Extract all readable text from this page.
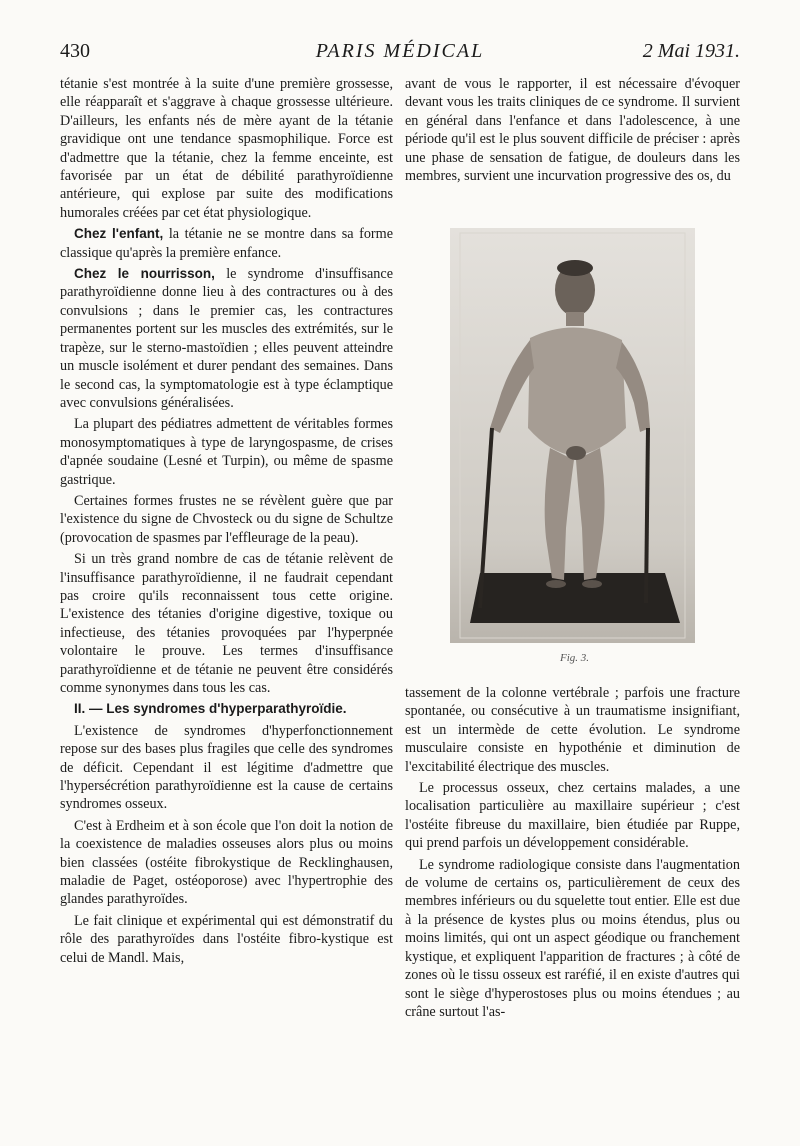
430	PARIS MÉDICAL	2 Mai 1931.

tétanie s'est montrée à la suite d'une première grossesse, elle réapparaît et s'aggrave à chaque grossesse ultérieure. D'ailleurs, les enfants nés de mère ayant de la tétanie gravidique ont une tendance spasmophilique. Force est d'admettre que la tétanie, chez la femme enceinte, est favorisée par un état de débilité parathyroïdienne antérieure, qui explose par suite des modifications humorales créées par cet état physiologique.

Chez l'enfant, la tétanie ne se montre dans sa forme classique qu'après la première enfance.

Chez le nourrisson, le syndrome d'insuffisance parathyroïdienne donne lieu à des contractures ou à des convulsions ; dans le premier cas, les contractures permanentes portent sur les muscles des extrémités, sur le trapèze, sur le sterno-mastoïdien ; elles peuvent atteindre un muscle isolément et durer pendant des semaines. Dans le second cas, la symptomatologie est à type éclamptique avec convulsions généralisées.

La plupart des pédiatres admettent de véritables formes monosymptomatiques à type de laryngospasme, de crises d'apnée soudaine (Lesné et Turpin), ou même de spasme gastrique.

Certaines formes frustes ne se révèlent guère que par l'existence du signe de Chvosteck ou du signe de Schultze (provocation de spasmes par l'effleurage de la peau).

Si un très grand nombre de cas de tétanie relèvent de l'insuffisance parathyroïdienne, il ne faudrait cependant pas croire qu'ils reconnaissent tous cette origine. L'existence des tétanies d'origine digestive, toxique ou infectieuse, des tétanies provoquées par l'hyperpnée volontaire le prouve. Les termes d'insuffisance parathyroïdienne et de tétanie ne peuvent être considérés comme synonymes dans tous les cas.

II. — Les syndromes d'hyperparathyroïdie.

L'existence de syndromes d'hyperfonctionnement repose sur des bases plus fragiles que celle des syndromes de déficit. Cependant il est légitime d'admettre que l'hypersécrétion parathyroïdienne est la cause de certains syndromes osseux.

C'est à Erdheim et à son école que l'on doit la notion de la coexistence de maladies osseuses alors plus ou moins bien classées (ostéite fibrokystique de Recklinghausen, maladie de Paget, ostéoporose) avec l'hypertrophie des glandes parathyroïdes.

Le fait clinique et expérimental qui est démonstratif du rôle des parathyroïdes dans l'ostéite fibro-kystique est celui de Mandl. Mais,

avant de vous le rapporter, il est nécessaire d'évoquer devant vous les traits cliniques de ce syndrome. Il survient en général dans l'enfance et dans l'adolescence, à une période qu'il est le plus souvent difficile de préciser : après une phase de sensation de fatigue, de douleurs dans les membres, survient une incurvation progressive des os, du

Fig. 3.

tassement de la colonne vertébrale ; parfois une fracture spontanée, ou consécutive à un traumatisme insignifiant, est un intermède de cette évolution. Le syndrome musculaire consiste en hypothénie et diminution de l'excitabilité électrique des muscles.

Le processus osseux, chez certains malades, a une localisation particulière au maxillaire supérieur ; c'est l'ostéite fibreuse du maxillaire, bien étudiée par Ruppe, qui prend parfois un développement considérable.

Le syndrome radiologique consiste dans l'augmentation de volume de certains os, particulièrement de ceux des membres inférieurs ou du squelette tout entier. Elle est due à la présence de kystes plus ou moins étendus, plus ou moins limités, qui ont un aspect géodique ou franchement kystique, et expliquent l'apparition de fractures ; à côté de zones où le tissu osseux est raréfié, il en existe d'autres qui sont le siège d'hyperostoses plus ou moins étendues ; au crâne surtout l'as-
